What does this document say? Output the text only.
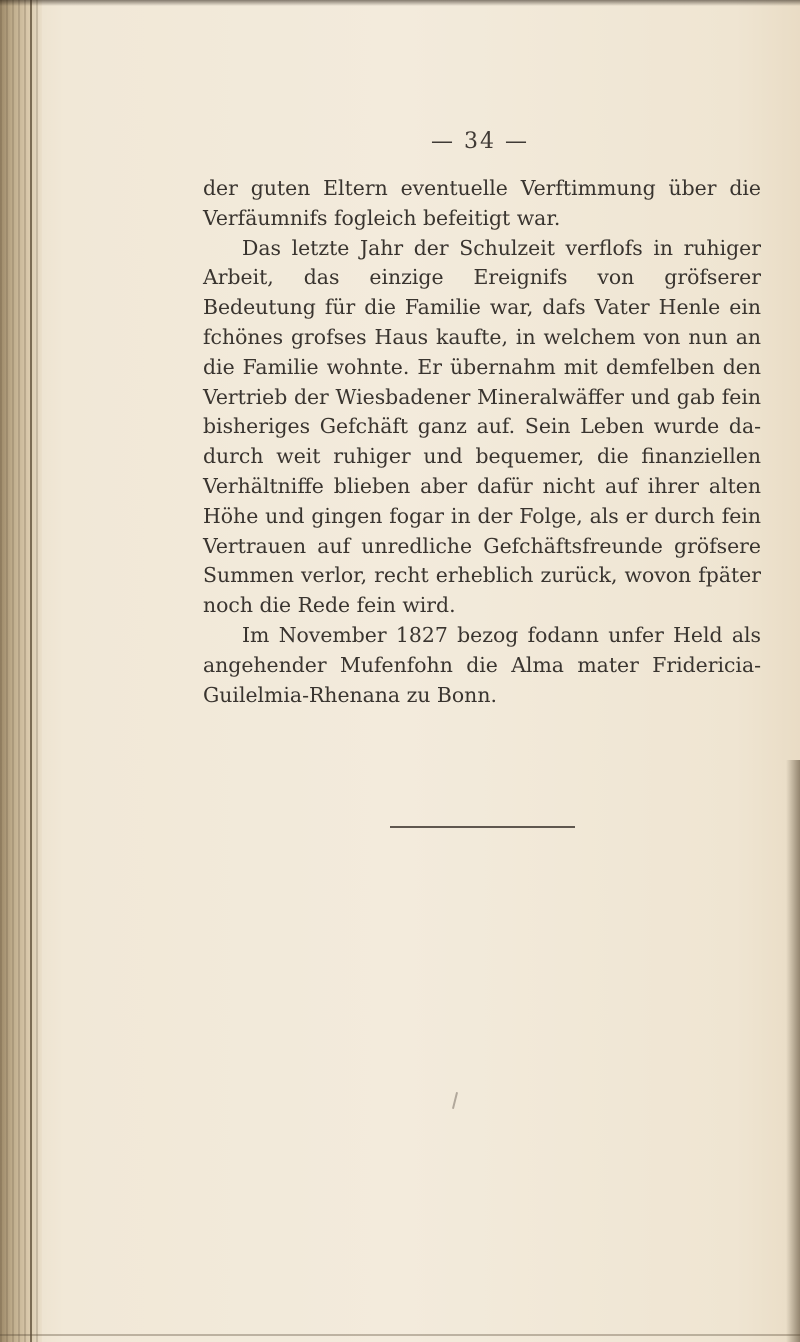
— 34 —

der guten Eltern eventuelle Verftimmung über die Verfäumnifs fogleich befeitigt war.

Das letzte Jahr der Schulzeit verflofs in ruhiger Arbeit, das einzige Ereignifs von gröfserer Bedeutung für die Familie war, dafs Vater Henle ein fchönes grofses Haus kaufte, in welchem von nun an die Familie wohnte. Er übernahm mit demfelben den Vertrieb der Wiesbadener Mineralwäffer und gab fein bisheriges Gefchäft ganz auf. Sein Leben wurde da- durch weit ruhiger und bequemer, die finanziellen Verhältniffe blieben aber dafür nicht auf ihrer alten Höhe und gingen fogar in der Folge, als er durch fein Vertrauen auf unredliche Gefchäftsfreunde gröfsere Summen verlor, recht erheblich zurück, wovon fpäter noch die Rede fein wird.

Im November 1827 bezog fodann unfer Held als angehender Mufenfohn die Alma mater Fridericia- Guilelmia-Rhenana zu Bonn.
